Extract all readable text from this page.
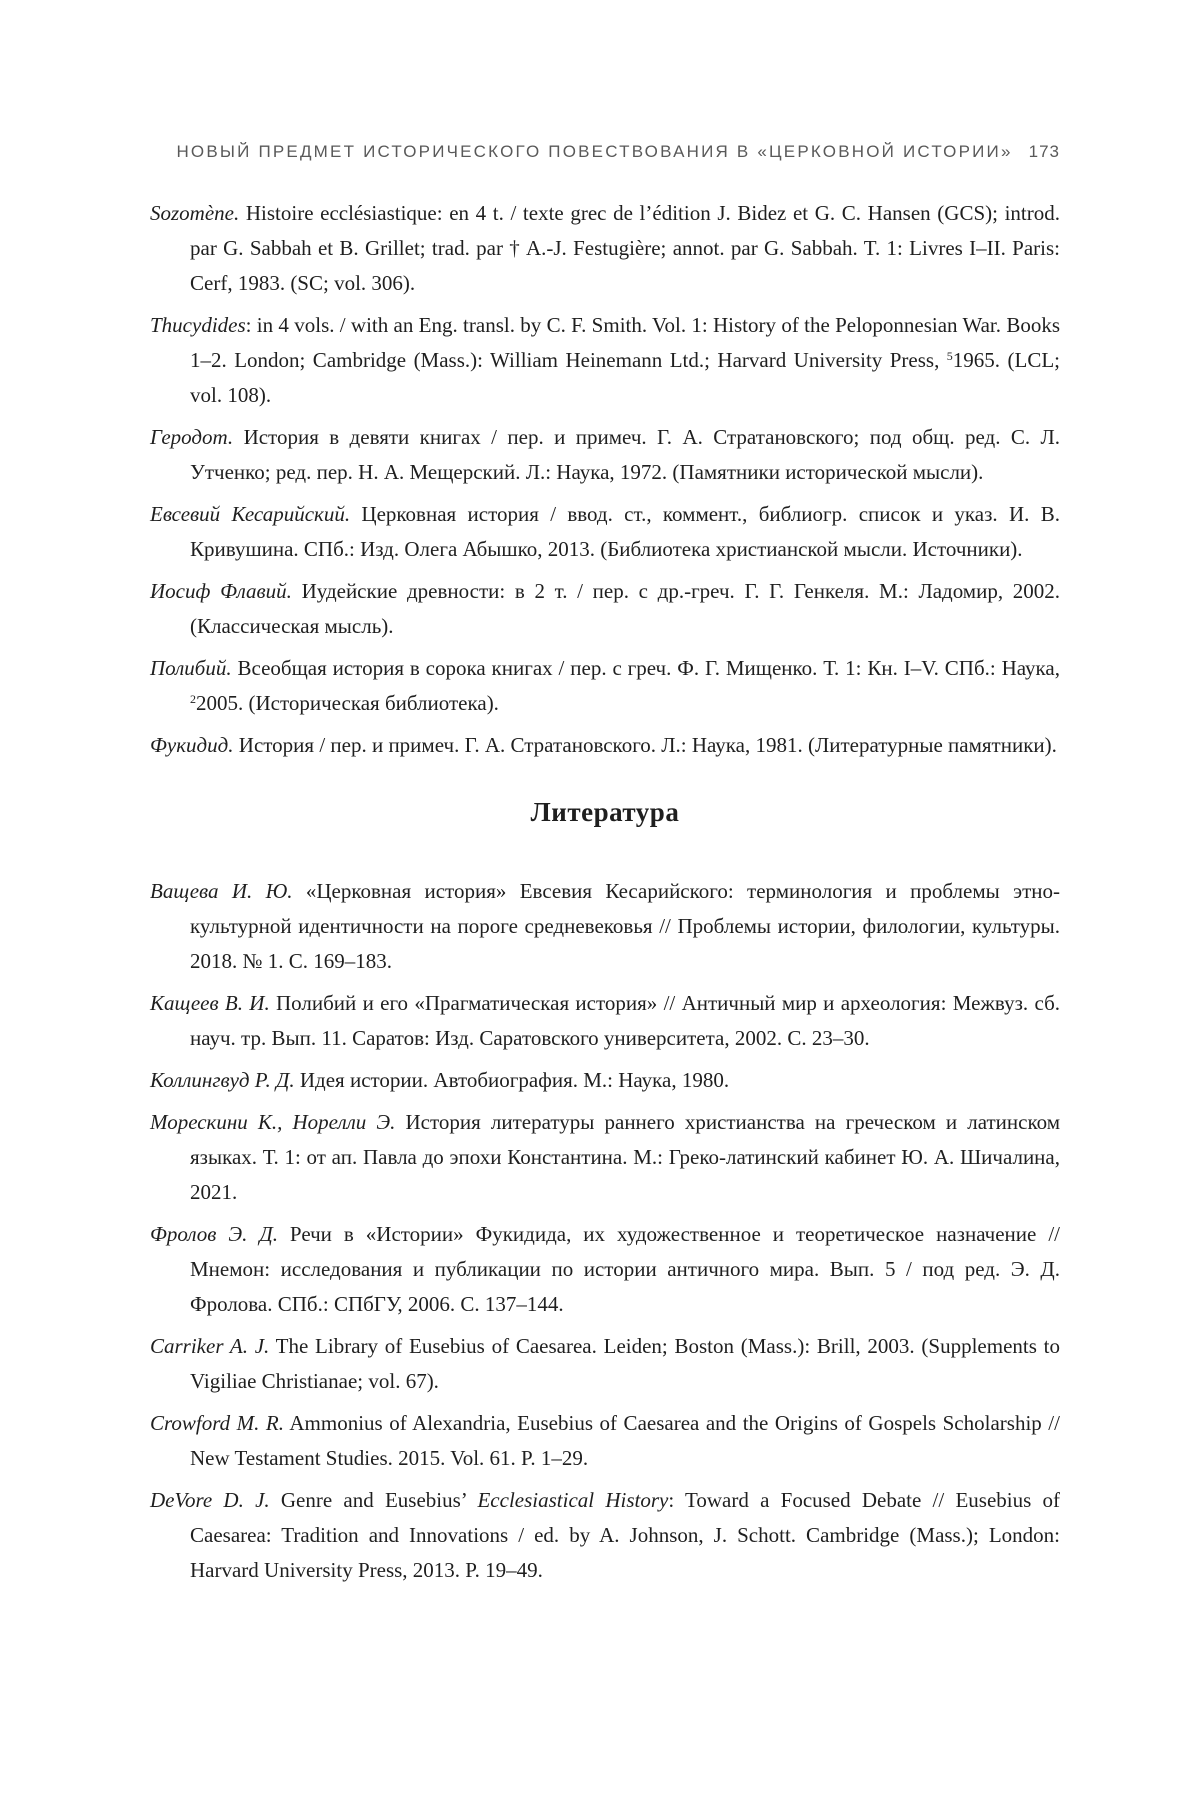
НОВЫЙ ПРЕДМЕТ ИСТОРИЧЕСКОГО ПОВЕСТВОВАНИЯ В «ЦЕРКОВНОЙ ИСТОРИИ» 173

Sozomène. Histoire ecclésiastique: en 4 t. / texte grec de l’édition J. Bidez et G. C. Hansen (GCS); introd. par G. Sabbah et B. Grillet; trad. par † A.-J. Festugière; annot. par G. Sabbah. T. 1: Livres I–II. Paris: Cerf, 1983. (SC; vol. 306).

Thucydides: in 4 vols. / with an Eng. transl. by C. F. Smith. Vol. 1: History of the Peloponnesian War. Books 1–2. London; Cambridge (Mass.): William Heinemann Ltd.; Harvard University Press, $^5$1965. (LCL; vol. 108).

Геродот. История в девяти книгах / пер. и примеч. Г. А. Стратановского; под общ. ред. С. Л. Утченко; ред. пер. Н. А. Мещерский. Л.: Наука, 1972. (Памятники исторической мысли).

Евсевий Кесарийский. Церковная история / ввод. ст., коммент., библиогр. список и указ. И. В. Кривушина. СПб.: Изд. Олега Абышко, 2013. (Библиотека христианской мысли. Источники).

Иосиф Флавий. Иудейские древности: в 2 т. / пер. с др.-греч. Г. Г. Генкеля. М.: Ладомир, 2002. (Классическая мысль).

Полибий. Всеобщая история в сорока книгах / пер. с греч. Ф. Г. Мищенко. Т. 1: Кн. I–V. СПб.: Наука, $^2$2005. (Историческая библиотека).

Фукидид. История / пер. и примеч. Г. А. Стратановского. Л.: Наука, 1981. (Литературные памятники).

Литература

Ващева И. Ю. «Церковная история» Евсевия Кесарийского: терминология и проблемы этно-культурной идентичности на пороге средневековья // Проблемы истории, филологии, культуры. 2018. № 1. С. 169–183.

Кащеев В. И. Полибий и его «Прагматическая история» // Античный мир и археология: Межвуз. сб. науч. тр. Вып. 11. Саратов: Изд. Саратовского университета, 2002. С. 23–30.

Коллингвуд Р. Д. Идея истории. Автобиография. М.: Наука, 1980.

Морескини К., Норелли Э. История литературы раннего христианства на греческом и латинском языках. Т. 1: от ап. Павла до эпохи Константина. М.: Греко-латинский кабинет Ю. А. Шичалина, 2021.

Фролов Э. Д. Речи в «Истории» Фукидида, их художественное и теоретическое назначение // Мнемон: исследования и публикации по истории античного мира. Вып. 5 / под ред. Э. Д. Фролова. СПб.: СПбГУ, 2006. С. 137–144.

Carriker A. J. The Library of Eusebius of Caesarea. Leiden; Boston (Mass.): Brill, 2003. (Supplements to Vigiliae Christianae; vol. 67).

Crowford M. R. Ammonius of Alexandria, Eusebius of Caesarea and the Origins of Gospels Scholarship // New Testament Studies. 2015. Vol. 61. P. 1–29.

DeVore D. J. Genre and Eusebius’ Ecclesiastical History: Toward a Focused Debate // Eusebius of Caesarea: Tradition and Innovations / ed. by A. Johnson, J. Schott. Cambridge (Mass.); London: Harvard University Press, 2013. P. 19–49.
